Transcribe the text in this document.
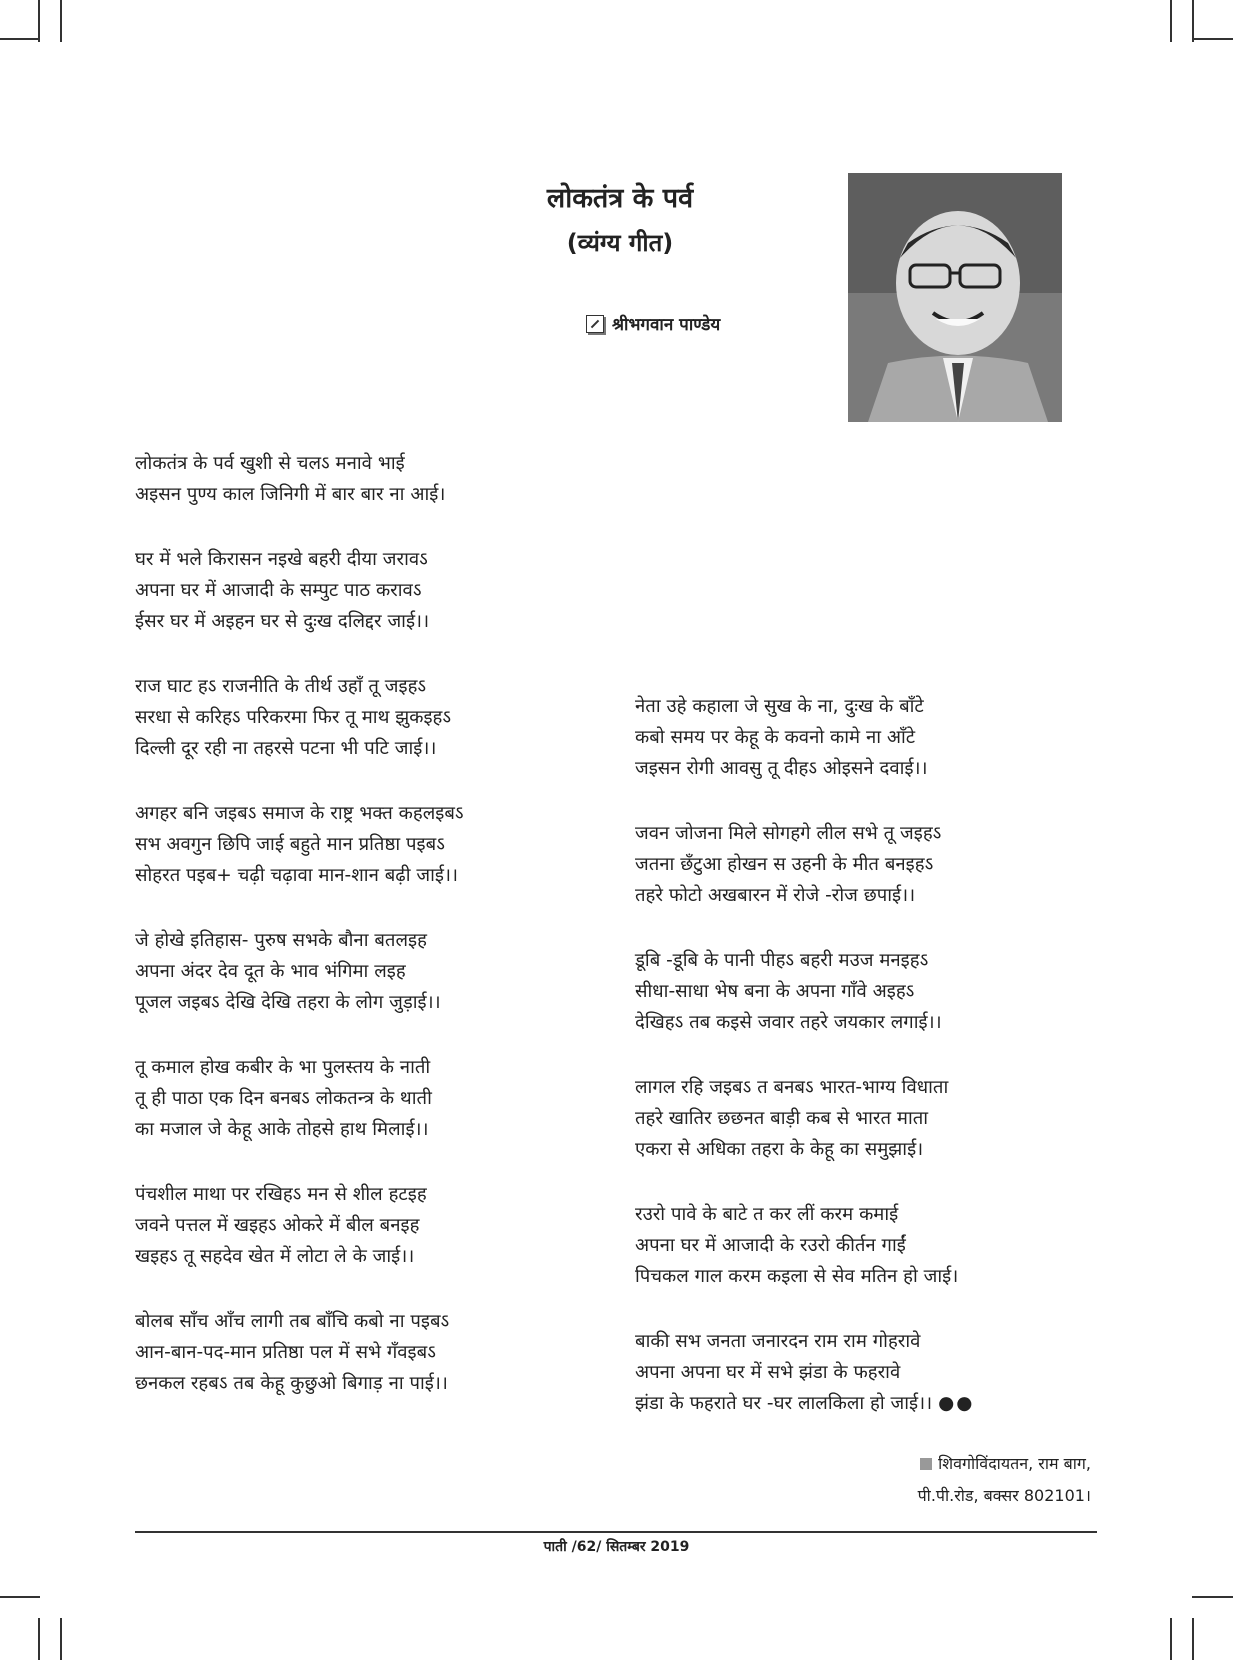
लोकतंत्र के पर्व
(व्यंग्य गीत)
श्रीभगवान पाण्डेय
लोकतंत्र के पर्व खुशी से चलऽ मनावे भाई
अइसन पुण्य काल जिनिगी में बार बार ना आई।
घर में भले किरासन नइखे बहरी दीया जरावऽ
अपना घर में आजादी के सम्पुट पाठ करावऽ
ईसर घर में अइहन घर से दुःख दलिद्दर जाई।।
राज घाट हऽ राजनीति के तीर्थ उहाँ तू जइहऽ
सरधा से करिहऽ परिकरमा फिर तू माथ झुकइहऽ
दिल्ली दूर रही ना तहरसे पटना भी पटि जाई।।
अगहर बनि जइबऽ समाज के राष्ट्र भक्त कहलइबऽ
सभ अवगुन छिपि जाई बहुते मान प्रतिष्ठा पइबऽ
सोहरत पइब+ चढ़ी चढ़ावा मान-शान बढ़ी जाई।।
जे होखे इतिहास- पुरुष सभके बौना बतलइह
अपना अंदर देव दूत के भाव भंगिमा लइह
पूजल जइबऽ देखि देखि तहरा के लोग जुड़ाई।।
तू कमाल होख कबीर के भा पुलस्तय के नाती
तू ही पाठा एक दिन बनबऽ लोकतन्त्र के थाती
का मजाल जे केहू आके तोहसे हाथ मिलाई।।
पंचशील माथा पर रखिहऽ मन से शील हटइह
जवने पत्तल में खइहऽ ओकरे में बील बनइह
खइहऽ तू सहदेव खेत में लोटा ले के जाई।।
बोलब साँच आँच लागी तब बाँचि कबो ना पइबऽ
आन-बान-पद-मान प्रतिष्ठा पल में सभे गँवइबऽ
छनकल रहबऽ तब केहू कुछुओ बिगाड़ ना पाई।।
नेता उहे कहाला जे सुख के ना, दुःख के बाँटे
कबो समय पर केहू के कवनो कामे ना आँटे
जइसन रोगी आवसु तू दीहऽ ओइसने दवाई।।
जवन जोजना मिले सोगहगे लील सभे तू जइहऽ
जतना छँटुआ होखन स उहनी के मीत बनइहऽ
तहरे फोटो अखबारन में रोजे -रोज छपाई।।
डूबि -डूबि के पानी पीहऽ बहरी मउज मनइहऽ
सीधा-साधा भेष बना के अपना गाँवे अइहऽ
देखिहऽ तब कइसे जवार तहरे जयकार लगाई।।
लागल रहि जइबऽ त बनबऽ भारत-भाग्य विधाता
तहरे खातिर छछनत बाड़ी कब से भारत माता
एकरा से अधिका तहरा के केहू का समुझाई।
रउरो पावे के बाटे त कर लीं करम कमाई
अपना घर में आजादी के रउरो कीर्तन गाईं
पिचकल गाल करम कइला से सेव मतिन हो जाई।
बाकी सभ जनता जनारदन राम राम गोहरावे
अपना अपना घर में सभे झंडा के फहरावे
झंडा के फहराते घर -घर लालकिला हो जाई।। ●●
शिवगोविंदायतन, राम बाग,
पी.पी.रोड, बक्सर 802101।
पाती /62/ सितम्बर 2019
